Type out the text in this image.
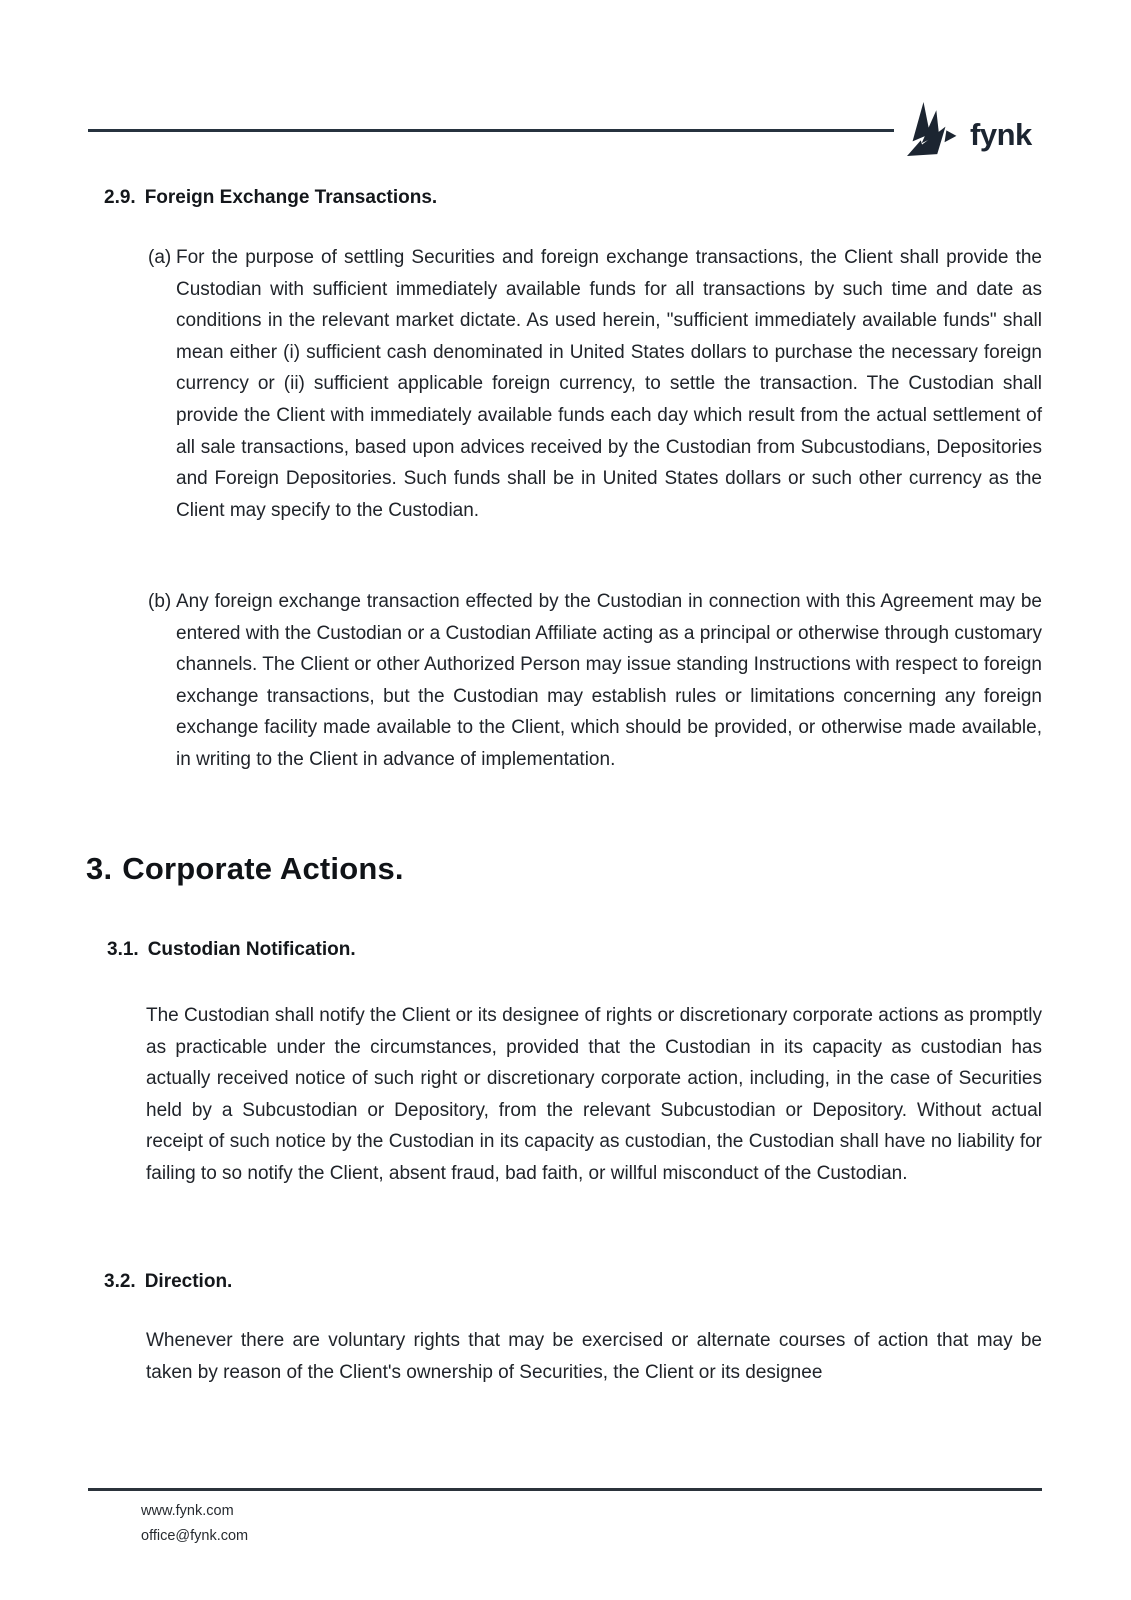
fynk
2.9. Foreign Exchange Transactions.
(a) For the purpose of settling Securities and foreign exchange transactions, the Client shall provide the Custodian with sufficient immediately available funds for all transactions by such time and date as conditions in the relevant market dictate. As used herein, "sufficient immediately available funds" shall mean either (i) sufficient cash denominated in United States dollars to purchase the necessary foreign currency or (ii) sufficient applicable foreign currency, to settle the transaction. The Custodian shall provide the Client with immediately available funds each day which result from the actual settlement of all sale transactions, based upon advices received by the Custodian from Subcustodians, Depositories and Foreign Depositories. Such funds shall be in United States dollars or such other currency as the Client may specify to the Custodian.
(b) Any foreign exchange transaction effected by the Custodian in connection with this Agreement may be entered with the Custodian or a Custodian Affiliate acting as a principal or otherwise through customary channels. The Client or other Authorized Person may issue standing Instructions with respect to foreign exchange transactions, but the Custodian may establish rules or limitations concerning any foreign exchange facility made available to the Client, which should be provided, or otherwise made available, in writing to the Client in advance of implementation.
3. Corporate Actions.
3.1. Custodian Notification.
The Custodian shall notify the Client or its designee of rights or discretionary corporate actions as promptly as practicable under the circumstances, provided that the Custodian in its capacity as custodian has actually received notice of such right or discretionary corporate action, including, in the case of Securities held by a Subcustodian or Depository, from the relevant Subcustodian or Depository. Without actual receipt of such notice by the Custodian in its capacity as custodian, the Custodian shall have no liability for failing to so notify the Client, absent fraud, bad faith, or willful misconduct of the Custodian.
3.2. Direction.
Whenever there are voluntary rights that may be exercised or alternate courses of action that may be taken by reason of the Client's ownership of Securities, the Client or its designee
www.fynk.com
office@fynk.com
